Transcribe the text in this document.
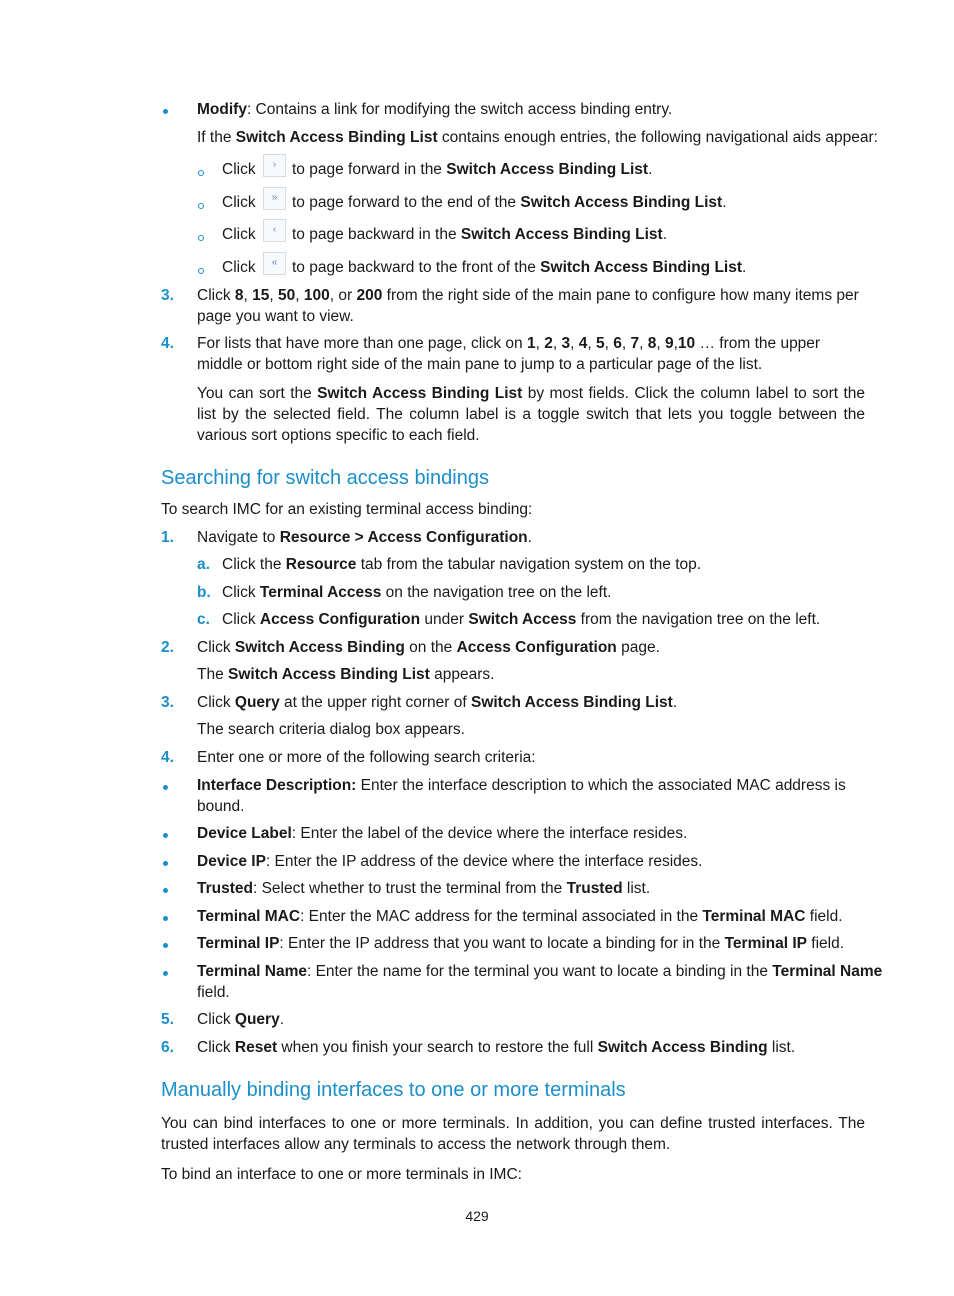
Modify: Contains a link for modifying the switch access binding entry.
If the Switch Access Binding List contains enough entries, the following navigational aids appear:
Click	›	to page forward in the Switch Access Binding List.
Click	» to page forward to the end of the Switch Access Binding List.
Click	‹	to page backward in the Switch Access Binding List.
Click	« to page backward to the front of the Switch Access Binding List.
3. Click 8, 15, 50, 100, or 200 from the right side of the main pane to configure how many items per
page you want to view.
4. For lists that have more than one page, click on 1, 2, 3, 4, 5, 6, 7, 8, 9,10 … from the upper
middle or bottom right side of the main pane to jump to a particular page of the list.
You can sort the Switch Access Binding List by most fields. Click the column label to sort the list by the selected field. The column label is a toggle switch that lets you toggle between the various sort options specific to each field.
Searching for switch access bindings
To search IMC for an existing terminal access binding:
1. Navigate to Resource > Access Configuration.
a. Click the Resource tab from the tabular navigation system on the top.
b. Click Terminal Access on the navigation tree on the left.
c. Click Access Configuration under Switch Access from the navigation tree on the left.
2. Click Switch Access Binding on the Access Configuration page.
The Switch Access Binding List appears.
3. Click Query at the upper right corner of Switch Access Binding List.
The search criteria dialog box appears.
4. Enter one or more of the following search criteria:
Interface Description: Enter the interface description to which the associated MAC address is
bound.
Device Label: Enter the label of the device where the interface resides.
Device IP: Enter the IP address of the device where the interface resides.
Trusted: Select whether to trust the terminal from the Trusted list.
Terminal MAC: Enter the MAC address for the terminal associated in the Terminal MAC field.
Terminal IP: Enter the IP address that you want to locate a binding for in the Terminal IP field.
Terminal Name: Enter the name for the terminal you want to locate a binding in the Terminal Name
field.
5. Click Query.
6. Click Reset when you finish your search to restore the full Switch Access Binding list.
Manually binding interfaces to one or more terminals
You can bind interfaces to one or more terminals. In addition, you can define trusted interfaces. The trusted interfaces allow any terminals to access the network through them.
To bind an interface to one or more terminals in IMC:
429
